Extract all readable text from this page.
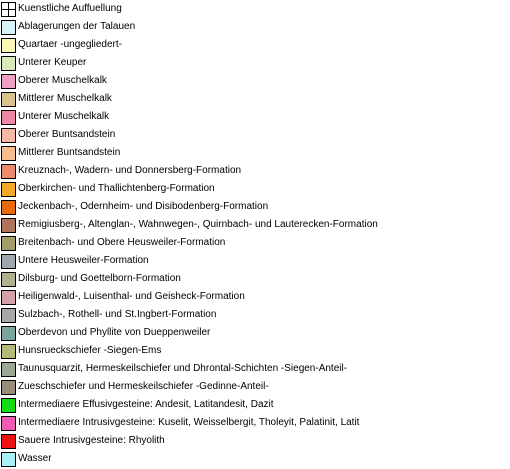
Kuenstliche Auffuellung
Ablagerungen der Talauen
Quartaer -ungegliedert-
Unterer Keuper
Oberer Muschelkalk
Mittlerer Muschelkalk
Unterer Muschelkalk
Oberer Buntsandstein
Mittlerer Buntsandstein
Kreuznach-, Wadern- und Donnersberg-Formation
Oberkirchen- und Thallichtenberg-Formation
Jeckenbach-, Odernheim- und Disibodenberg-Formation
Remigiusberg-, Altenglan-, Wahnwegen-, Quirnbach- und Lauterecken-Formation
Breitenbach- und Obere Heusweiler-Formation
Untere Heusweiler-Formation
Dilsburg- und Goettelborn-Formation
Heiligenwald-, Luisenthal- und Geisheck-Formation
Sulzbach-, Rothell- und St.Ingbert-Formation
Oberdevon und Phyllite von Dueppenweiler
Hunsrueckschiefer -Siegen-Ems
Taunusquarzit, Hermeskeilschiefer und Dhrontal-Schichten -Siegen-Anteil-
Zueschschiefer und Hermeskeilschiefer -Gedinne-Anteil-
Intermediaere Effusivgesteine: Andesit, Latitandesit, Dazit
Intermediaere Intrusivgesteine: Kuselit, Weisselbergit, Tholeyit, Palatinit, Latit
Sauere Intrusivgesteine: Rhyolith
Wasser
